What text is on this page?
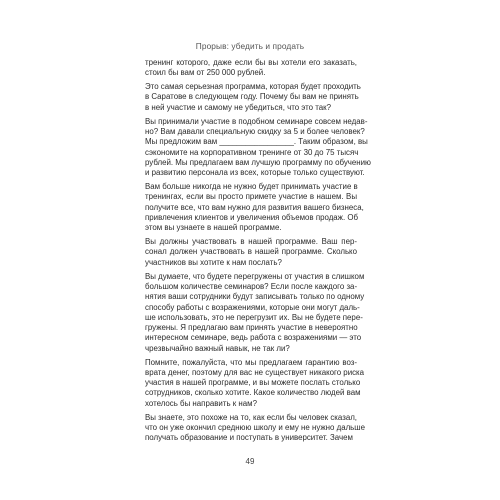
Прорыв: убедить и продать
тренинг которого, даже если бы вы хотели его заказать,
стоил бы вам от 250 000 рублей.
Это самая серьезная программа, которая будет проходить
в Саратове в следующем году. Почему бы вам не принять
в ней участие и самому не убедиться, что это так?
Вы принимали участие в подобном семинаре совсем недав-
но? Вам давали специальную скидку за 5 и более человек?
Мы предложим вам _________________. Таким образом, вы
сэкономите на корпоративном тренинге от 30 до 75 тысяч
рублей. Мы предлагаем вам лучшую программу по обучению
и развитию персонала из всех, которые только существуют.
Вам больше никогда не нужно будет принимать участие в
тренингах, если вы просто примете участие в нашем. Вы
получите все, что вам нужно для развития вашего бизнеса,
привлечения клиентов и увеличения объемов продаж. Об
этом вы узнаете в нашей программе.
Вы должны участвовать в нашей программе. Ваш пер-
сонал должен участвовать в нашей программе. Сколько
участников вы хотите к нам послать?
Вы думаете, что будете перегружены от участия в слишком
большом количестве семинаров? Если после каждого за-
нятия ваши сотрудники будут записывать только по одному
способу работы с возражениями, которые они могут даль-
ше использовать, это не перегрузит их. Вы не будете пере-
гружены. Я предлагаю вам принять участие в невероятно
интересном семинаре, ведь работа с возражениями — это
чрезвычайно важный навык, не так ли?
Помните, пожалуйста, что мы предлагаем гарантию воз-
врата денег, поэтому для вас не существует никакого риска
участия в нашей программе, и вы можете послать столько
сотрудников, сколько хотите. Какое количество людей вам
хотелось бы направить к нам?
Вы знаете, это похоже на то, как если бы человек сказал,
что он уже окончил среднюю школу и ему не нужно дальше
получать образование и поступать в университет. Зачем
49
